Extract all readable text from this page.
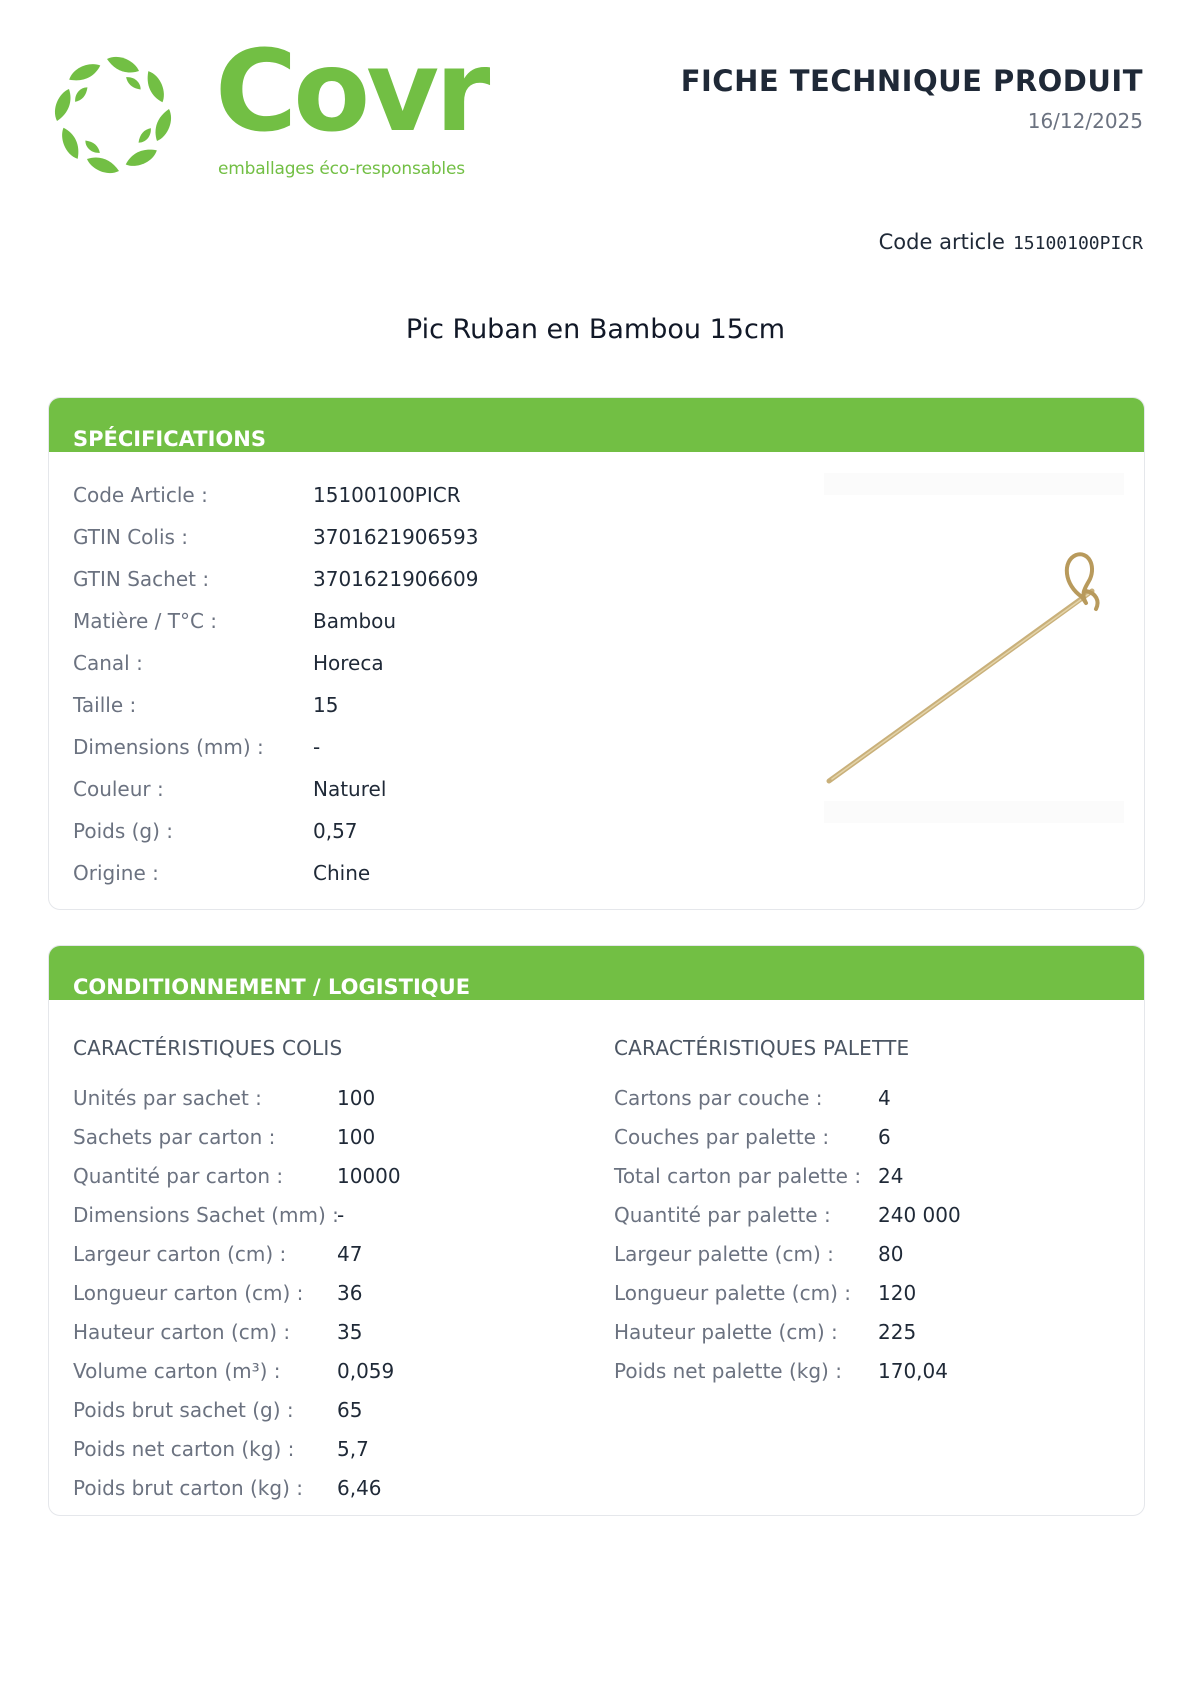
Covr
emballages éco-responsables
FICHE TECHNIQUE PRODUIT
16/12/2025
Code article 15100100PICR
Pic Ruban en Bambou 15cm
SPÉCIFICATIONS
Code Article :	15100100PICR
GTIN Colis :	3701621906593
GTIN Sachet :	3701621906609
Matière / T°C :	Bambou
Canal :	Horeca
Taille :	15
Dimensions (mm) : -
Couleur :	Naturel
Poids (g) :	0,57
Origine :	Chine
CONDITIONNEMENT / LOGISTIQUE
CARACTÉRISTIQUES COLIS
Unités par sachet :	100
Sachets par carton :	100
Quantité par carton :	10000
Dimensions Sachet (mm) :
-
Largeur carton (cm) :	47
Longueur carton (cm) : 36
Hauteur carton (cm) : 35
Volume carton (m³) :	0,059
Poids brut sachet (g) : 65
Poids net carton (kg) : 5,7
Poids brut carton (kg) : 6,46
CARACTÉRISTIQUES PALETTE
Cartons par couche :	4
Couches par palette : 6
Total carton par palette : 24
Quantité par palette : 240 000
Largeur palette (cm) : 80
Longueur palette (cm) : 120
Hauteur palette (cm) : 225
Poids net palette (kg) : 170,04
